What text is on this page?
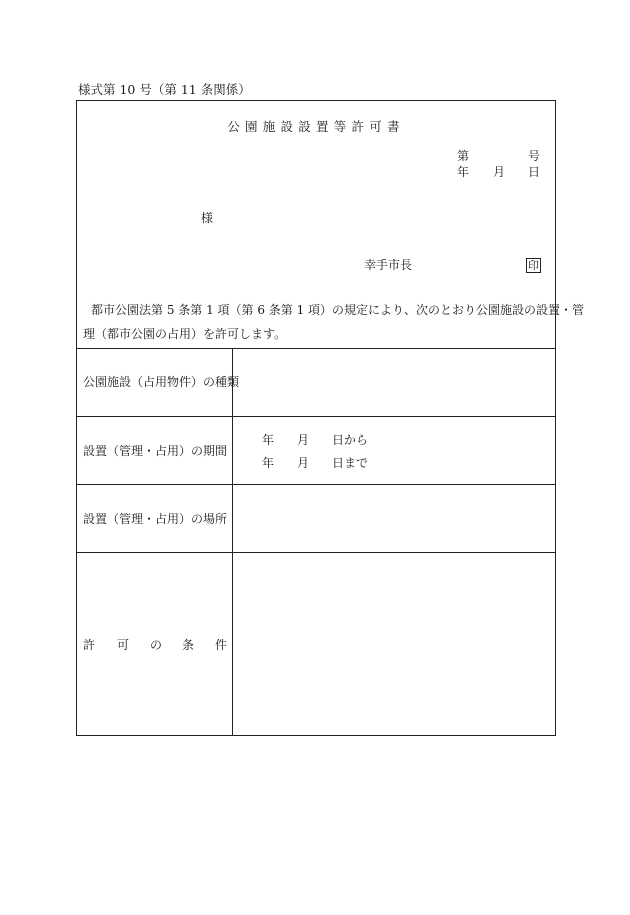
様式第 10 号（第 11 条関係）
公園施設設置等許可書
第	号
年 月 日
様
幸手市長	印
都市公園法第 5 条第 1 項（第 6 条第 1 項）の規定により、次のとおり公園施設の設置・管
理（都市公園の占用）を許可します。
公園施設（占用物件）の種類
設置（管理・占用）の期間
年 月 日から
年 月 日まで
設置（管理・占用）の場所
許 可 の 条 件
